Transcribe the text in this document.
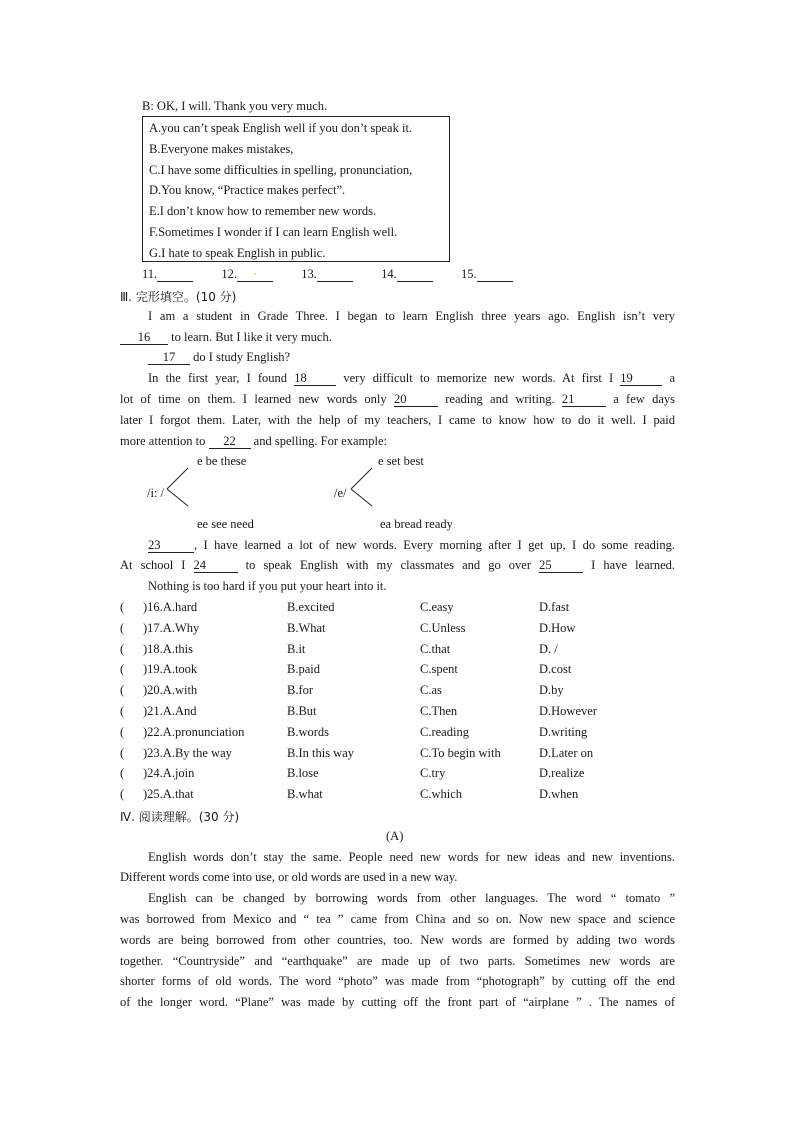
B: OK, I will. Thank you very much.
A.you can’t speak English well if you don’t speak it.
B.Everyone makes mistakes,
C.I have some difficulties in spelling, pronunciation,
D.You know, “Practice makes perfect”.
E.I don’t know how to remember new words.
F.Sometimes I wonder if I can learn English well.
G.I hate to speak English in public.
11.	12. ·	13.	14.	15.
Ⅲ. 完形填空。(10 分)
I am a student in Grade Three. I began to learn English three years ago. English isn’t very
16 to learn. But I like it very much.
17 do I study English?
In the first year, I found 18 very difficult to memorize new words. At first I 19 a
lot of time on them. I learned new words only 20	reading and writing. 21	a few days
later I forgot them. Later, with the help of my teachers, I came to know how to do it well. I paid
more attention to 22 and spelling. For example:
e be these
/i: /
ee see need
e set best
/e/
ea bread ready
23	, I have learned a lot of new words. Every morning after I get up, I do some reading.
At school I 24	to speak English with my classmates and go over 25	I have learned.
Nothing is too hard if you put your heart into it.
( )16.A.hard	B.excited	C.easy	D.fast
( )17.A.Why	B.What	C.Unless	D.How
( )18.A.this	B.it	C.that	D. /
( )19.A.took	B.paid	C.spent	D.cost
( )20.A.with	B.for	C.as	D.by
( )21.A.And	B.But	C.Then	D.However
( )22.A.pronunciation	B.words	C.reading	D.writing
( )23.A.By the way	B.In this way	C.To begin with	D.Later on
( )24.A.join	B.lose	C.try	D.realize
( )25.A.that	B.what	C.which	D.when
Ⅳ. 阅读理解。(30 分)
(A)
English words don’t stay the same. People need new words for new ideas and new inventions.
Different words come into use, or old words are used in a new way.
English can be changed by borrowing words from other languages. The word “ tomato ”
was borrowed from Mexico and “ tea ” came from China and so on. Now new space and science
words are being borrowed from other countries, too. New words are formed by adding two words
together. “Countryside” and “earthquake” are made up of two parts. Sometimes new words are
shorter forms of old words. The word “photo” was made from “photograph” by cutting off the end
of the longer word. “Plane” was made by cutting off the front part of “airplane ” . The names of
